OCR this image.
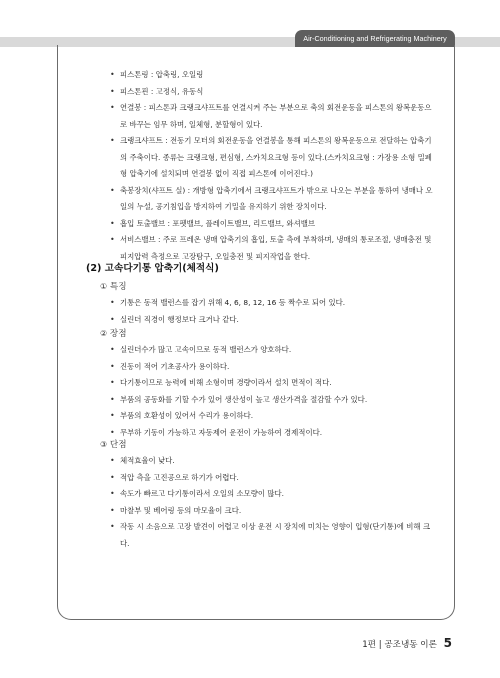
Air-Conditioning and Refrigerating Machinery
• 피스톤링 : 압축링, 오일링
• 피스톤핀 : 고정식, 유동식
• 연결봉 : 피스톤과 크랭크샤프트를 연결시켜 주는 부분으로 축의 회전운동을 피스톤의 왕복운동으로 바꾸는 임무 하며, 일체형, 분할형이 있다.
• 크랭크샤프트 : 전동기 모터의 회전운동을 연결봉을 통해 피스톤의 왕복운동으로 전달하는 압축기의 주축이다. 종류는 크랭크형, 편심형, 스카치요크형 등이 있다.(스카치요크형 : 가장용 소형 밀폐형 압축기에 설치되며 연결봉 없이 직접 피스톤에 이어진다.)
• 축봉장치(샤프트 실) : 개방형 압축기에서 크랭크샤프트가 밖으로 나오는 부분을 통하여 냉매나 오일의 누설, 공기침입을 방지하여 기밀을 유지하기 위한 장치이다.
• 흡입 토출밸브 : 포펫밸브, 플레이트밸브, 리드밸브, 와셔밸브
• 서비스밸브 : 주로 프레온 냉매 압축기의 흡입, 토출 측에 부착하며, 냉매의 통로조절, 냉매충전 및 피지압력 측정으로 고장탐구, 오일충전 및 피지작업을 한다.
(2) 고속다기통 압축기(체적식)
① 특징
• 기통은 동적 밸런스를 잡기 위해 4, 6, 8, 12, 16 등 짝수로 되어 있다.
• 실린더 직경이 행정보다 크거나 같다.
② 장점
• 실린더수가 많고 고속이므로 동적 밸런스가 양호하다.
• 진동이 적어 기초공사가 용이하다.
• 다기통이므로 능력에 비해 소형이며 경량이라서 설치 면적이 적다.
• 부품의 공동화를 기할 수가 있어 생산성이 높고 생산가격을 절감할 수가 있다.
• 부품의 호환성이 있어서 수리가 용이하다.
• 무부하 기동이 가능하고 자동제어 운전이 가능하여 경제적이다.
③ 단점
• 체적효율이 낮다.
• 적압 측을 고진공으로 하기가 어렵다.
• 속도가 빠르고 다기통이라서 오일의 소모량이 많다.
• 마찰부 및 베어링 등의 마모율이 크다.
• 작동 시 소음으로 고장 발견이 어렵고 이상 운전 시 장치에 미치는 영향이 입형(단기통)에 비해 크다.
1편 | 공조냉동 이론 5
